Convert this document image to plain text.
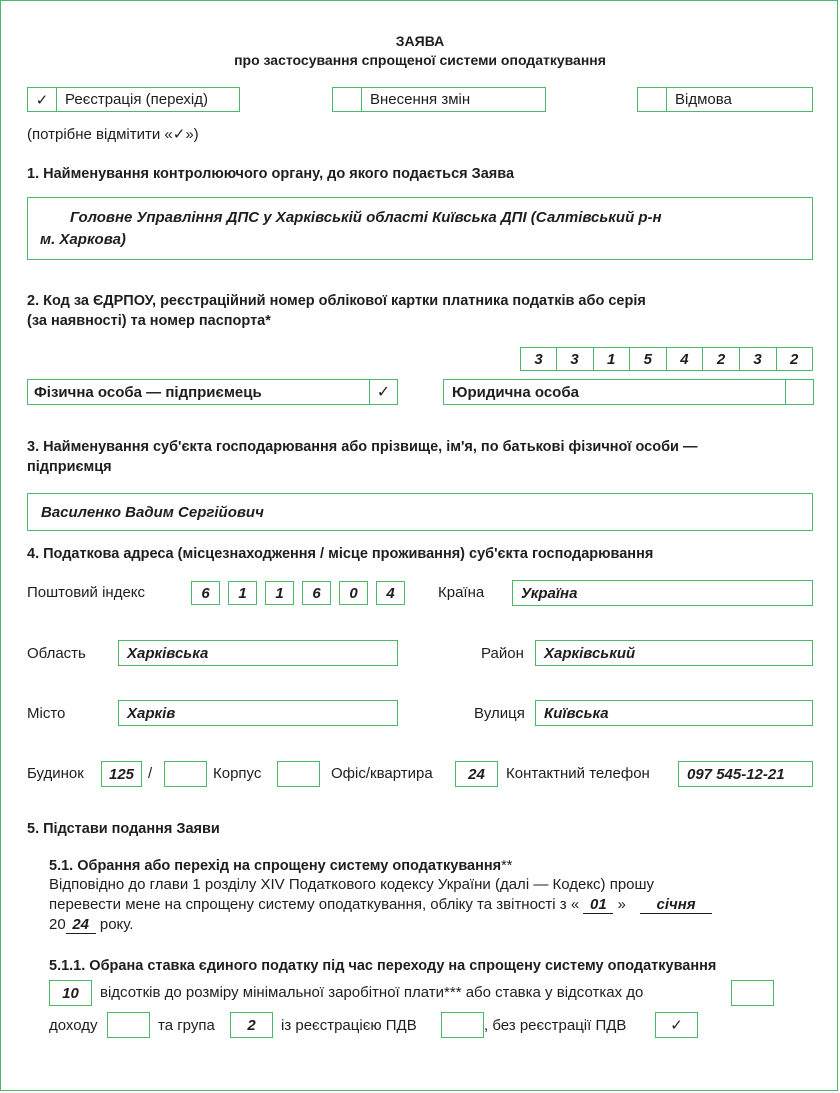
ЗАЯВА
про застосування спрощеної системи оподаткування
✓	Реєстрація (перехід)	Внесення змін	Відмова
(потрібне відмітити «✓»)
1. Найменування контролюючого органу, до якого подається Заява
Головне Управління ДПС у Харківській області Київська ДПІ (Салтівський р-н
м. Харкова)
2. Код за ЄДРПОУ, реєстраційний номер облікової картки платника податків або серія
(за наявності) та номер паспорта*
3	3	1	5	4	2	3	2
Фізична особа — підприємець	✓	Юридична особа
3. Найменування суб'єкта господарювання або прізвище, ім'я, по батькові фізичної особи —
підприємця
Василенко Вадим Сергійович
4. Податкова адреса (місцезнаходження / місце проживання) суб'єкта господарювання
Поштовий індекс	6	1	1	6	0	4	Країна Україна
Область	Харківська	Район Харківський
Місто	Харків	Вулиця Київська
Будинок 125 /	Корпус	Офіс/квартира 24 Контактний телефон 097 545-12-21
5. Підстави подання Заяви
5.1. Обрання або перехід на спрощену систему оподаткування**
Відповідно до глави 1 розділу XIV Податкового кодексу України (далі — Кодекс) прошу
перевести мене на спрощену систему оподаткування, обліку та звітності з « 01 » січня
20 24 року.
5.1.1. Обрана ставка єдиного податку під час переходу на спрощену систему оподаткування
10 відсотків до розміру мінімальної заробітної плати*** або ставка у відсотках до
доходу	та група 2 із реєстрацією ПДВ	, без реєстрації ПДВ	✓
